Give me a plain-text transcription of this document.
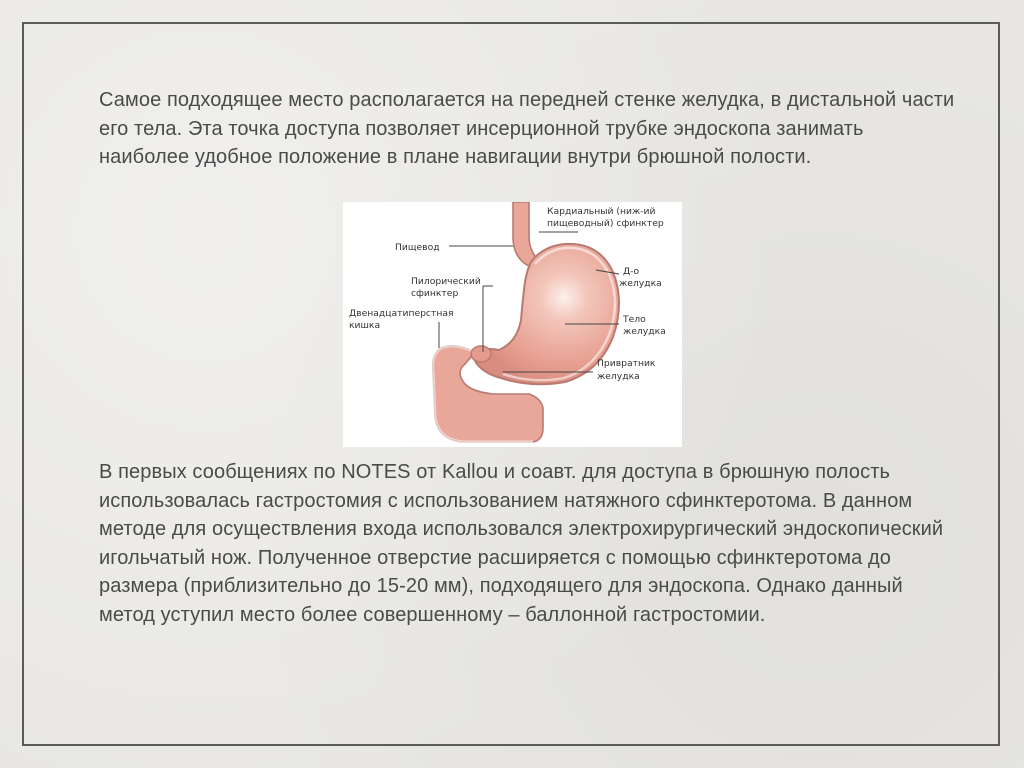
Самое подходящее место располагается на передней стенке желудка, в дистальной части его тела. Эта точка доступа позволяет инсерционной трубке эндоскопа занимать наиболее удобное положение в плане навигации внутри брюшной полости.

Кардиальный (ниж-ий
пищеводный) сфинктер
Пищевод
Д-о
желудка
Пилорический
сфинктер
Двенадцатиперстная
кишка
Тело
желудка
Привратник
желудка

В первых сообщениях по NOTES от Kallou и соавт. для доступа в брюшную полость использовалась гастростомия с использованием натяжного сфинктеротома. В данном методе для осуществления входа использовался электрохирургический эндоскопический игольчатый нож. Полученное отверстие расширяется с помощью сфинктеротома до размера (приблизительно до 15-20 мм), подходящего для эндоскопа. Однако данный метод уступил место более совершенному – баллонной гастростомии.
